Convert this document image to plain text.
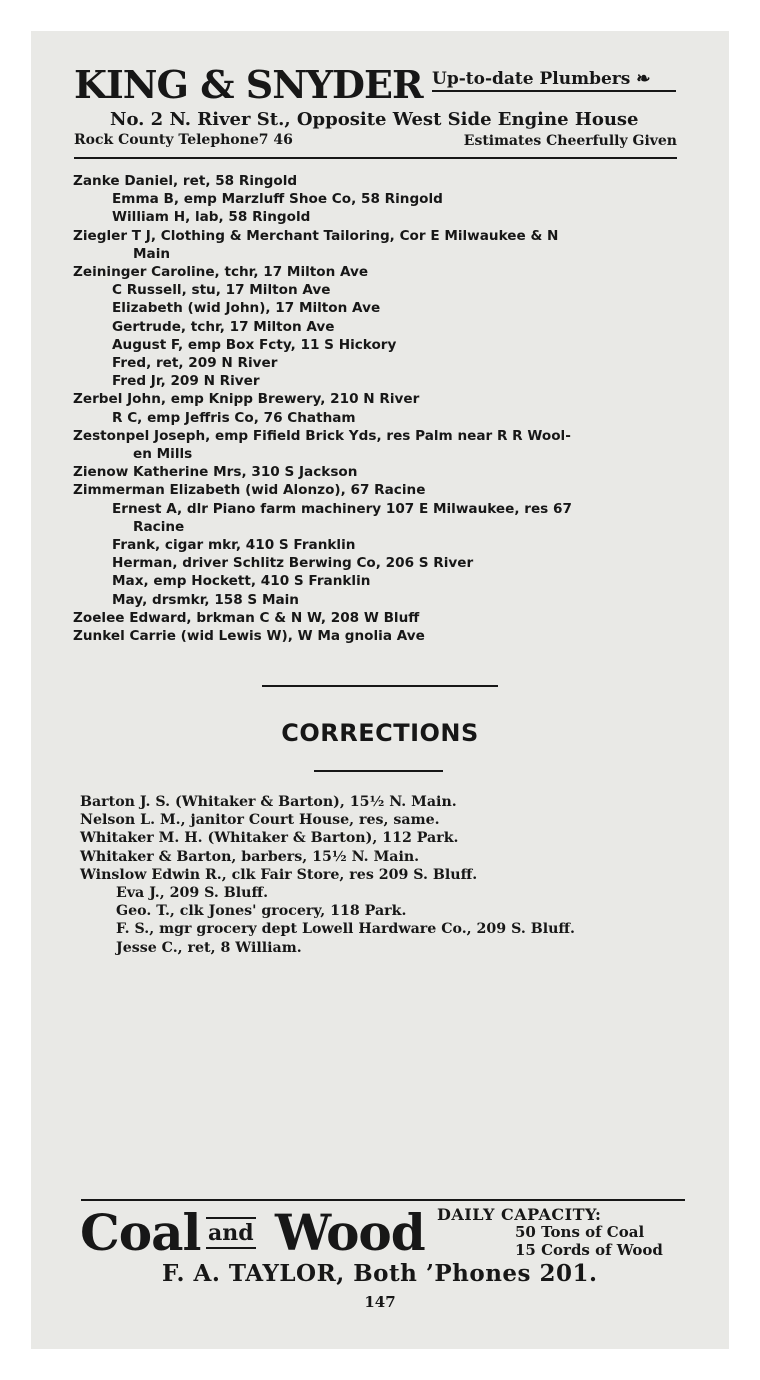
KING & SNYDER Up-to-date Plumbers ❧
No. 2 N. River St., Opposite West Side Engine House
Rock County Telephone7 46	Estimates Cheerfully Given
Zanke Daniel, ret, 58 Ringold
Emma B, emp Marzluff Shoe Co, 58 Ringold
William H, lab, 58 Ringold
Ziegler T J, Clothing & Merchant Tailoring, Cor E Milwaukee & N
Main
Zeininger Caroline, tchr, 17 Milton Ave
C Russell, stu, 17 Milton Ave
Elizabeth (wid John), 17 Milton Ave
Gertrude, tchr, 17 Milton Ave
August F, emp Box Fcty, 11 S Hickory
Fred, ret, 209 N River
Fred Jr, 209 N River
Zerbel John, emp Knipp Brewery, 210 N River
R C, emp Jeffris Co, 76 Chatham
Zestonpel Joseph, emp Fifield Brick Yds, res Palm near R R Wool-
en Mills
Zienow Katherine Mrs, 310 S Jackson
Zimmerman Elizabeth (wid Alonzo), 67 Racine
Ernest A, dlr Piano farm machinery 107 E Milwaukee, res 67
Racine
Frank, cigar mkr, 410 S Franklin
Herman, driver Schlitz Berwing Co, 206 S River
Max, emp Hockett, 410 S Franklin
May, drsmkr, 158 S Main
Zoelee Edward, brkman C & N W, 208 W Bluff
Zunkel Carrie (wid Lewis W), W Ma gnolia Ave
CORRECTIONS
Barton J. S. (Whitaker & Barton), 15½ N. Main.
Nelson L. M., janitor Court House, res, same.
Whitaker M. H. (Whitaker & Barton), 112 Park.
Whitaker & Barton, barbers, 15½ N. Main.
Winslow Edwin R., clk Fair Store, res 209 S. Bluff.
Eva J., 209 S. Bluff.
Geo. T., clk Jones' grocery, 118 Park.
F. S., mgr grocery dept Lowell Hardware Co., 209 S. Bluff.
Jesse C., ret, 8 William.
Coal and Wood DAILY CAPACITY:
50 Tons of Coal
15 Cords of Wood
F. A. TAYLOR, Both ’Phones 201.
147
